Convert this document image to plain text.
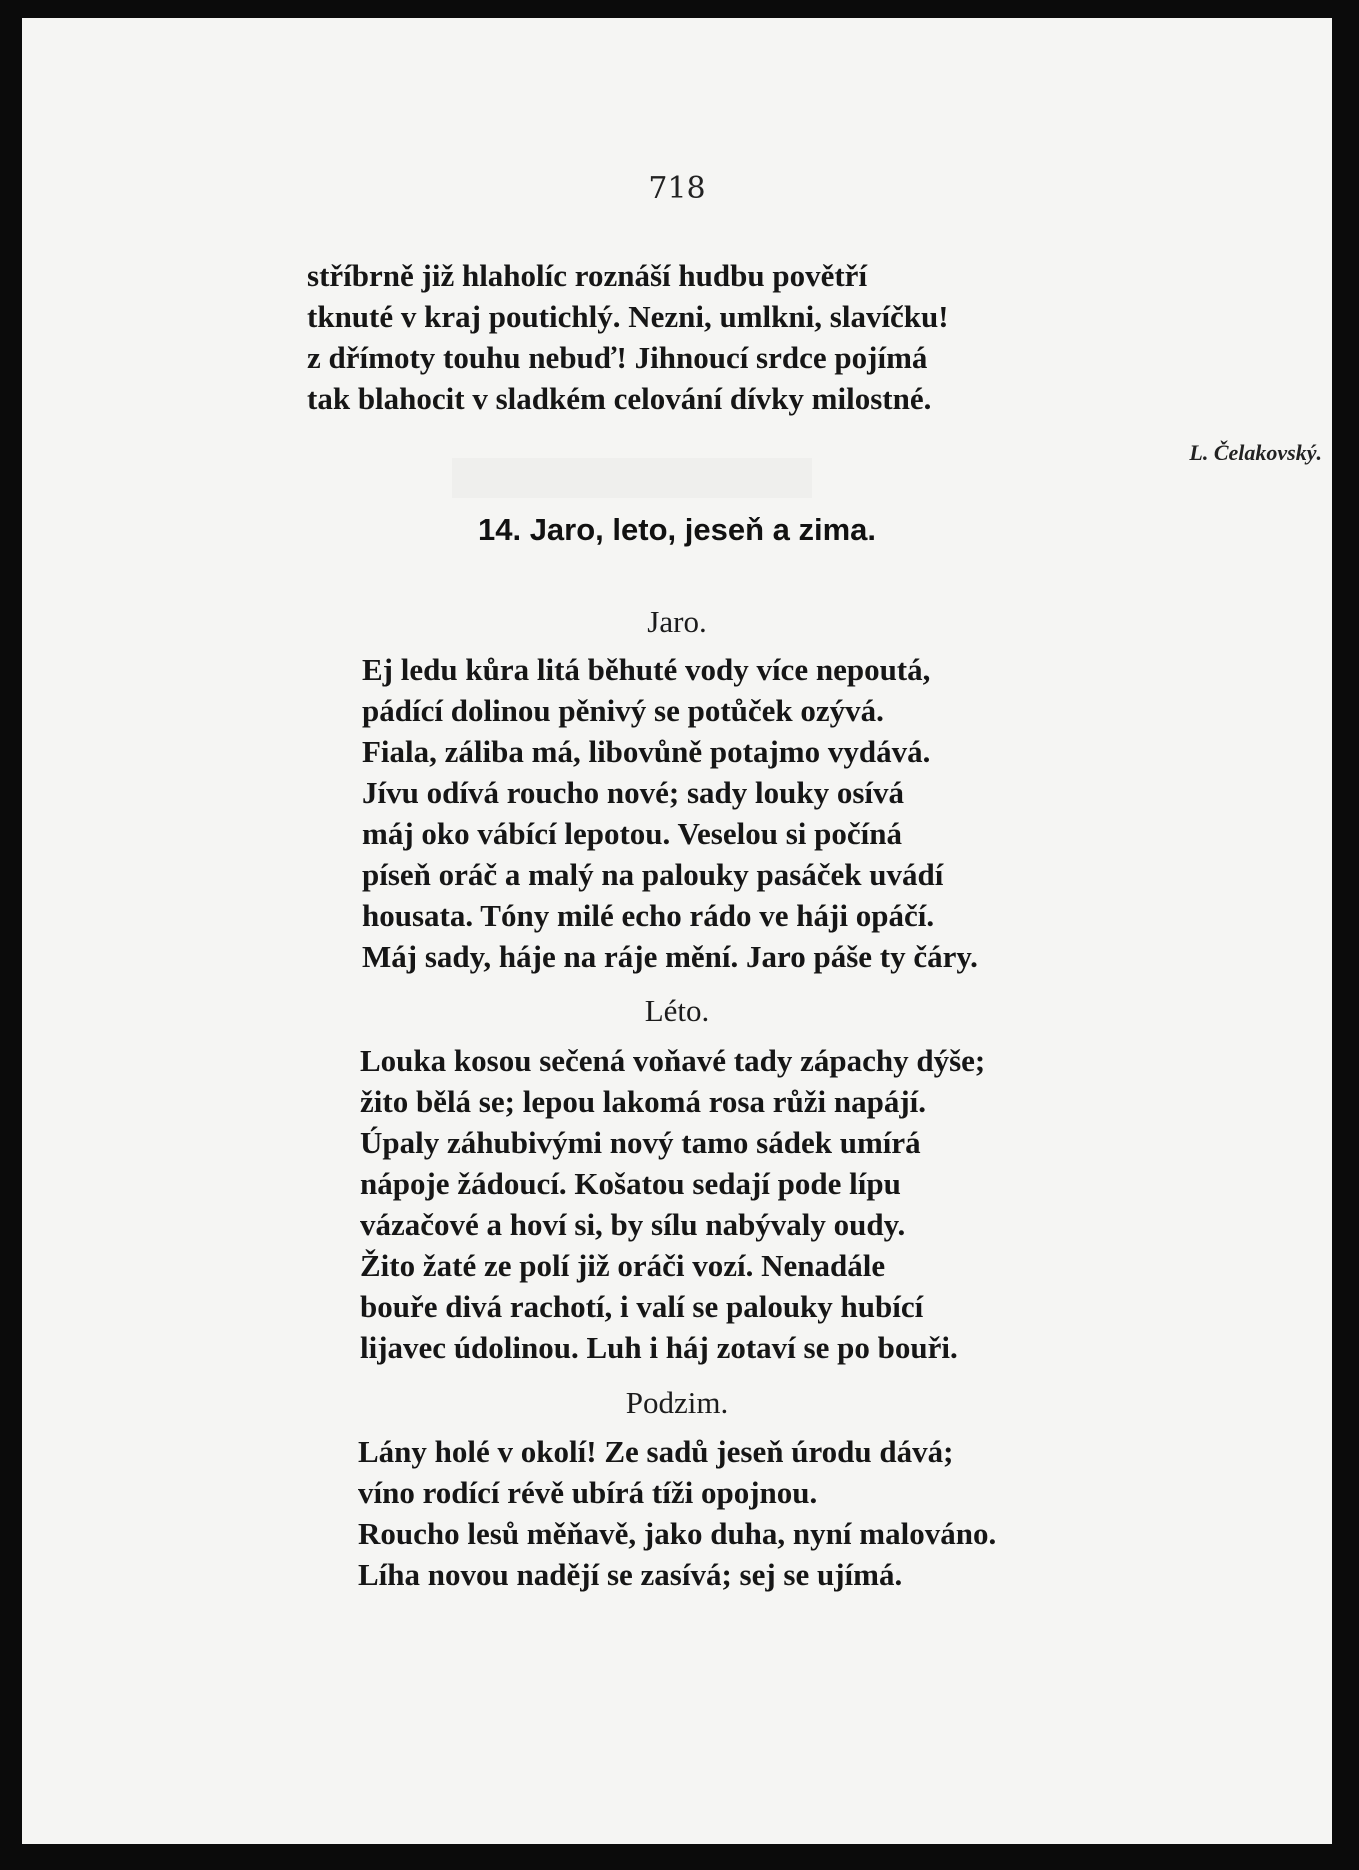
718
stříbrně již hlaholíc roznáší hudbu povětří
tknuté v kraj poutichlý. Nezni, umlkni, slavíčku!
z dřímoty touhu nebuď! Jihnoucí srdce pojímá
tak blahocit v sladkém celování dívky milostné.
L. Čelakovský.
14. Jaro, leto, jeseň a zima.
Jaro.
Ej ledu kůra litá běhuté vody více nepoutá,
pádící dolinou pěnivý se potůček ozývá.
Fiala, záliba má, libovůně potajmo vydává.
Jívu odívá roucho nové; sady louky osívá
máj oko vábící lepotou. Veselou si počíná
píseň oráč a malý na palouky pasáček uvádí
housata. Tóny milé echo rádo ve háji opáčí.
Máj sady, háje na ráje mění. Jaro páše ty čáry.
Léto.
Louka kosou sečená voňavé tady zápachy dýše;
žito bělá se; lepou lakomá rosa růži napájí.
Úpaly záhubivými nový tamo sádek umírá
nápoje žádoucí. Košatou sedají pode lípu
vázačové a hoví si, by sílu nabývaly oudy.
Žito žaté ze polí již oráči vozí. Nenadále
bouře divá rachotí, i valí se palouky hubící
lijavec údolinou. Luh i háj zotaví se po bouři.
Podzim.
Lány holé v okolí! Ze sadů jeseň úrodu dává;
víno rodící révě ubírá tíži opojnou.
Roucho lesů měňavě, jako duha, nyní malováno.
Líha novou nadějí se zasívá; sej se ujímá.
